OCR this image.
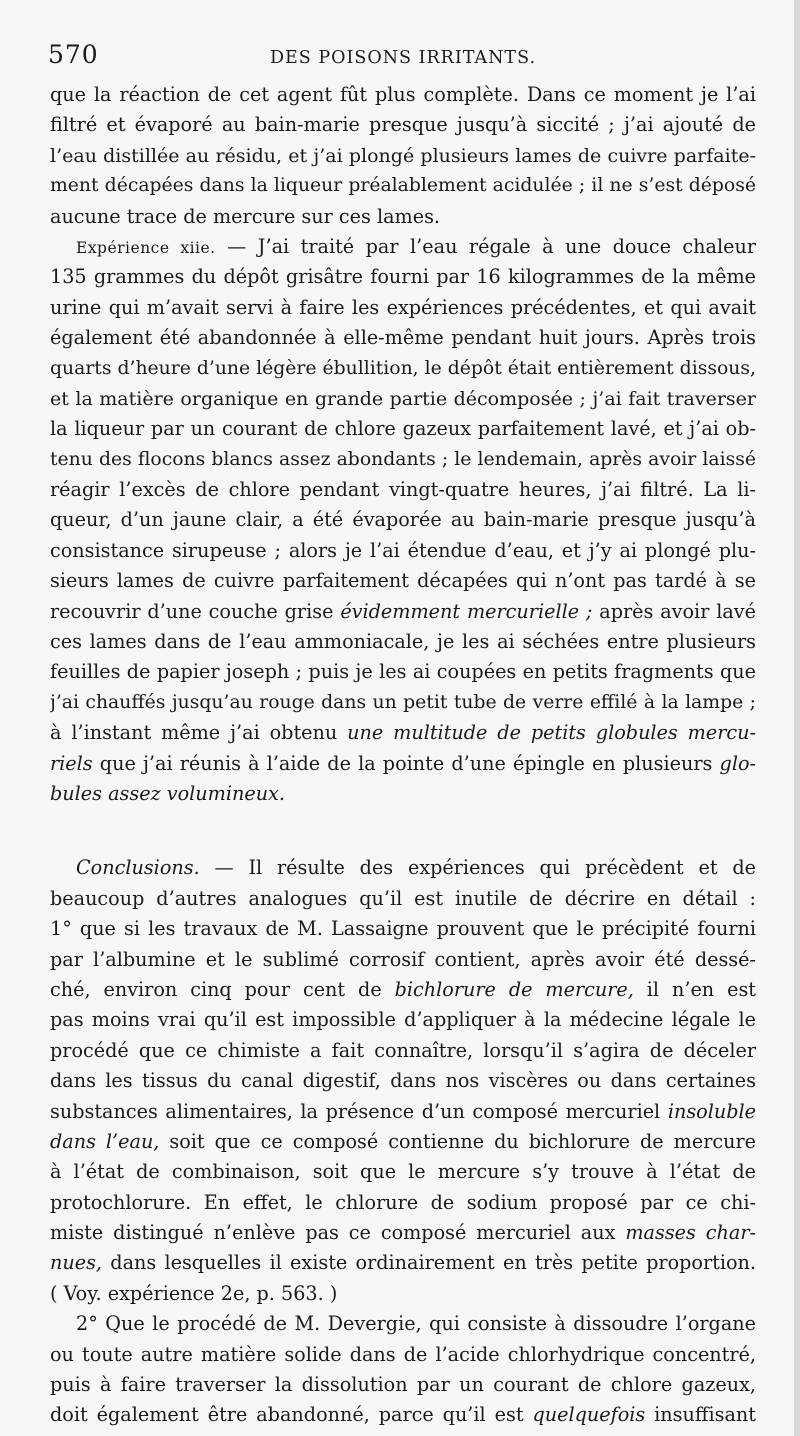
570	DES POISONS IRRITANTS.
que la réaction de cet agent fût plus complète. Dans ce moment je l’ai
filtré et évaporé au bain-marie presque jusqu’à siccité ; j’ai ajouté de
l’eau distillée au résidu, et j’ai plongé plusieurs lames de cuivre parfaite-
ment décapées dans la liqueur préalablement acidulée ; il ne s’est déposé
aucune trace de mercure sur ces lames.
Expérience xiie. — J’ai traité par l’eau régale à une douce chaleur
135 grammes du dépôt grisâtre fourni par 16 kilogrammes de la même
urine qui m’avait servi à faire les expériences précédentes, et qui avait
également été abandonnée à elle-même pendant huit jours. Après trois
quarts d’heure d’une légère ébullition, le dépôt était entièrement dissous,
et la matière organique en grande partie décomposée ; j’ai fait traverser
la liqueur par un courant de chlore gazeux parfaitement lavé, et j’ai ob-
tenu des flocons blancs assez abondants ; le lendemain, après avoir laissé
réagir l’excès de chlore pendant vingt-quatre heures, j’ai filtré. La li-
queur, d’un jaune clair, a été évaporée au bain-marie presque jusqu’à
consistance sirupeuse ; alors je l’ai étendue d’eau, et j’y ai plongé plu-
sieurs lames de cuivre parfaitement décapées qui n’ont pas tardé à se
recouvrir d’une couche grise évidemment mercurielle ; après avoir lavé
ces lames dans de l’eau ammoniacale, je les ai séchées entre plusieurs
feuilles de papier joseph ; puis je les ai coupées en petits fragments que
j’ai chauffés jusqu’au rouge dans un petit tube de verre effilé à la lampe ;
à l’instant même j’ai obtenu une multitude de petits globules mercu-
riels que j’ai réunis à l’aide de la pointe d’une épingle en plusieurs glo-
bules assez volumineux.
Conclusions. — Il résulte des expériences qui précèdent et de
beaucoup d’autres analogues qu’il est inutile de décrire en détail :
1° que si les travaux de M. Lassaigne prouvent que le précipité fourni
par l’albumine et le sublimé corrosif contient, après avoir été dessé-
ché, environ cinq pour cent de bichlorure de mercure, il n’en est
pas moins vrai qu’il est impossible d’appliquer à la médecine légale le
procédé que ce chimiste a fait connaître, lorsqu’il s’agira de déceler
dans les tissus du canal digestif, dans nos viscères ou dans certaines
substances alimentaires, la présence d’un composé mercuriel insoluble
dans l’eau, soit que ce composé contienne du bichlorure de mercure
à l’état de combinaison, soit que le mercure s’y trouve à l’état de
protochlorure. En effet, le chlorure de sodium proposé par ce chi-
miste distingué n’enlève pas ce composé mercuriel aux masses char-
nues, dans lesquelles il existe ordinairement en très petite proportion.
( Voy. expérience 2e, p. 563. )
2° Que le procédé de M. Devergie, qui consiste à dissoudre l’organe
ou toute autre matière solide dans de l’acide chlorhydrique concentré,
puis à faire traverser la dissolution par un courant de chlore gazeux,
doit également être abandonné, parce qu’il est quelquefois insuffisant
